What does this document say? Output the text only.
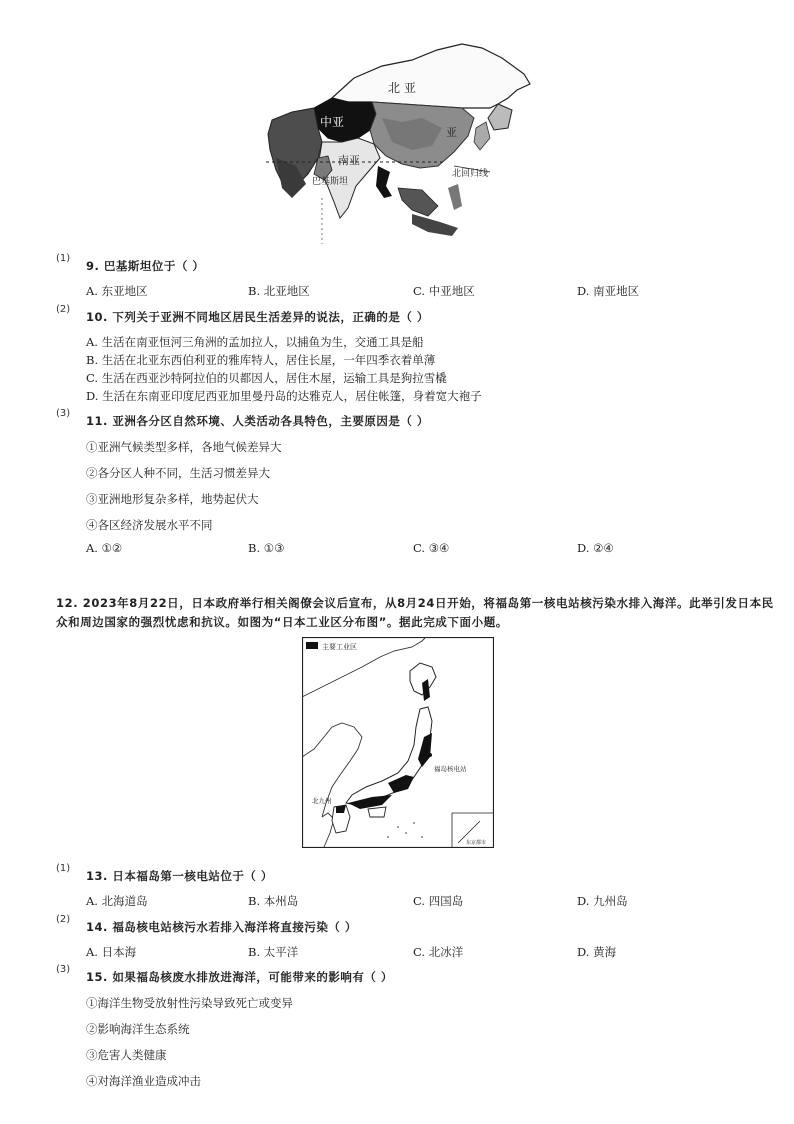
北 亚
中亚
南亚
巴基斯坦
亚
北回归线
(1)
9. 巴基斯坦位于（ ）
A. 东亚地区	B. 北亚地区	C. 中亚地区	D. 南亚地区
(2)
10. 下列关于亚洲不同地区居民生活差异的说法，正确的是（ ）
A. 生活在南亚恒河三角洲的孟加拉人，以捕鱼为生，交通工具是船
B. 生活在北亚东西伯利亚的雅库特人，居住长屋，一年四季衣着单薄
C. 生活在西亚沙特阿拉伯的贝都因人，居住木屋，运输工具是狗拉雪橇
D. 生活在东南亚印度尼西亚加里曼丹岛的达雅克人，居住帐篷，身着宽大袍子
(3)
11. 亚洲各分区自然环境、人类活动各具特色，主要原因是（ ）
①亚洲气候类型多样，各地气候差异大
②各分区人种不同，生活习惯差异大
③亚洲地形复杂多样，地势起伏大
④各区经济发展水平不同
A. ①②	B. ①③	C. ③④	D. ②④
12. 2023年8月22日，日本政府举行相关阁僚会议后宣布，从8月24日开始，将福岛第一核电站核污染水排入海洋。此举引发日本民
众和周边国家的强烈忧虑和抗议。如图为“日本工业区分布图”。据此完成下面小题。
主要工业区
福岛核电站
北九州
东京都市
(1)
13. 日本福岛第一核电站位于（ ）
A. 北海道岛	B. 本州岛	C. 四国岛	D. 九州岛
(2)
14. 福岛核电站核污水若排入海洋将直接污染（ ）
A. 日本海	B. 太平洋	C. 北冰洋	D. 黄海
(3)
15. 如果福岛核废水排放进海洋，可能带来的影响有（ ）
①海洋生物受放射性污染导致死亡或变异
②影响海洋生态系统
③危害人类健康
④对海洋渔业造成冲击
